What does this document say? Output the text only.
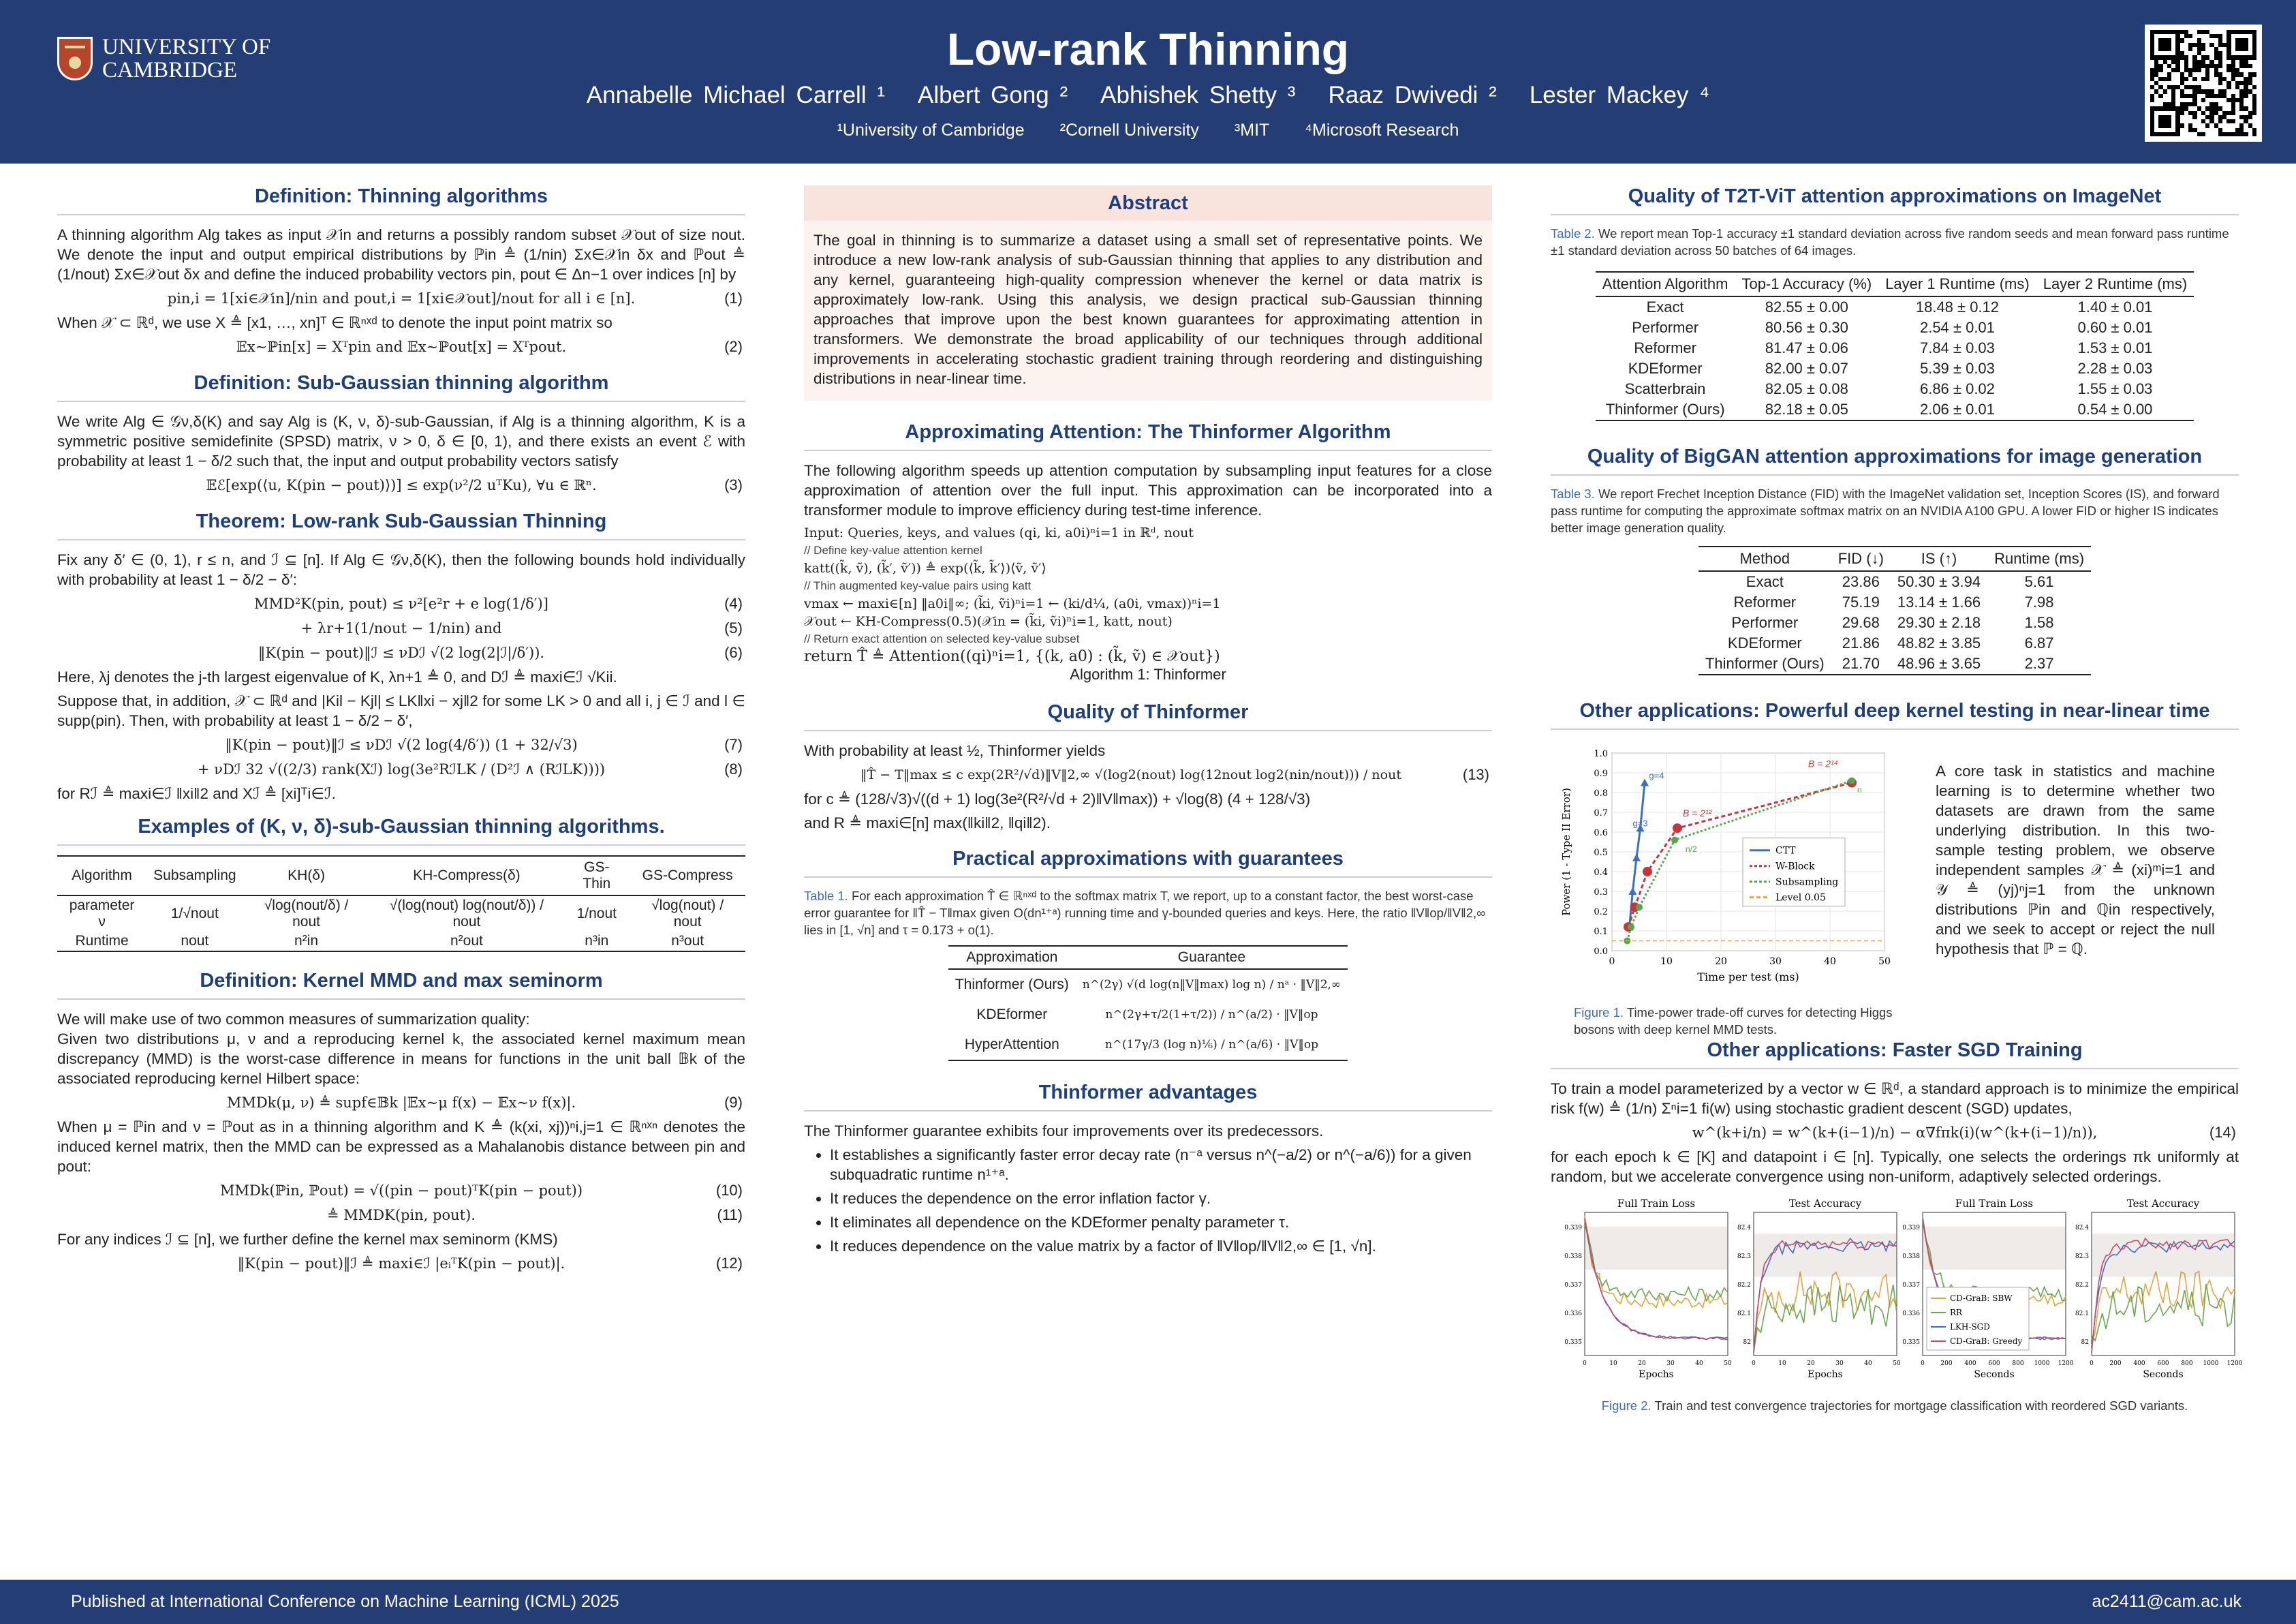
UNIVERSITY OF
CAMBRIDGE	Low-rank Thinning
Annabelle Michael Carrell ¹ Albert Gong ² Abhishek Shetty ³ Raaz Dwivedi ² Lester Mackey ⁴
¹University of Cambridge ²Cornell University ³MIT ⁴Microsoft Research
Definition: Thinning algorithms
A thinning algorithm Alg takes as input 𝒳in and returns a possibly random subset 𝒳out of size nout. We denote the input and output empirical distributions by ℙin ≜ (1/nin) Σx∈𝒳in δx and ℙout ≜ (1/nout) Σx∈𝒳out δx and define the induced probability vectors pin, pout ∈ Δn−1 over indices [n] by
pin,i = 1[xi∈𝒳in]/nin and pout,i = 1[xi∈𝒳out]/nout for all i ∈ [n].	(1)
When 𝒳 ⊂ ℝᵈ, we use X ≜ [x1, …, xn]ᵀ ∈ ℝⁿˣᵈ to denote the input point matrix so
𝔼x∼ℙin[x] = Xᵀpin and 𝔼x∼ℙout[x] = Xᵀpout.	(2)
Definition: Sub-Gaussian thinning algorithm
We write Alg ∈ 𝒢ν,δ(K) and say Alg is (K, ν, δ)-sub-Gaussian, if Alg is a thinning algorithm, K is a symmetric positive semidefinite (SPSD) matrix, ν > 0, δ ∈ [0, 1), and there exists an event ℰ with probability at least 1 − δ/2 such that, the input and output probability vectors satisfy
𝔼ℰ[exp(⟨u, K(pin − pout)⟩)] ≤ exp(ν²/2 uᵀKu), ∀u ∈ ℝⁿ.	(3)
Theorem: Low-rank Sub-Gaussian Thinning
Fix any δ′ ∈ (0, 1), r ≤ n, and ℐ ⊆ [n]. If Alg ∈ 𝒢ν,δ(K), then the following bounds hold individually with probability at least 1 − δ/2 − δ′:
MMD²K(pin, pout) ≤ ν²[e²r + e log(1/δ′)]	(4)
+ λr+1(1/nout − 1/nin) and	(5)
‖K(pin − pout)‖ℐ ≤ νDℐ √(2 log(2|ℐ|/δ′)).	(6)
Here, λj denotes the j-th largest eigenvalue of K, λn+1 ≜ 0, and Dℐ ≜ maxi∈ℐ √Kii.
Suppose that, in addition, 𝒳 ⊂ ℝᵈ and |Kil − Kjl| ≤ LK‖xi − xj‖2 for some LK > 0 and all i, j ∈ ℐ and l ∈ supp(pin). Then, with probability at least 1 − δ/2 − δ′,
‖K(pin − pout)‖ℐ ≤ νDℐ √(2 log(4/δ′)) (1 + 32/√3)	(7)
+ νDℐ 32 √((2/3) rank(Xℐ) log(3e²RℐLK / (D²ℐ ∧ (RℐLK))))	(8)
for Rℐ ≜ maxi∈ℐ ‖xi‖2 and Xℐ ≜ [xi]ᵀi∈ℐ.
Examples of (K, ν, δ)-sub-Gaussian thinning algorithms.
Algorithm	Subsampling	KH(δ)	KH-Compress(δ)	GS-Thin	GS-Compress
parameter ν	1/√nout	√log(nout/δ) / nout	√(log(nout) log(nout/δ)) / nout	1/nout	√log(nout) / nout
Runtime	nout	n²in	n²out	n³in	n³out
Definition: Kernel MMD and max seminorm
We will make use of two common measures of summarization quality:
Given two distributions μ, ν and a reproducing kernel k, the associated kernel maximum mean discrepancy (MMD) is the worst-case difference in means for functions in the unit ball 𝔹k of the associated reproducing kernel Hilbert space:
MMDk(μ, ν) ≜ supf∈𝔹k |𝔼x∼μ f(x) − 𝔼x∼ν f(x)|.	(9)
When μ = ℙin and ν = ℙout as in a thinning algorithm and K ≜ (k(xi, xj))ⁿi,j=1 ∈ ℝⁿˣⁿ denotes the induced kernel matrix, then the MMD can be expressed as a Mahalanobis distance between pin and pout:
MMDk(ℙin, ℙout) = √((pin − pout)ᵀK(pin − pout))	(10)
≜ MMDK(pin, pout).	(11)
For any indices ℐ ⊆ [n], we further define the kernel max seminorm (KMS)
‖K(pin − pout)‖ℐ ≜ maxi∈ℐ |eᵢᵀK(pin − pout)|.	(12)
Abstract
The goal in thinning is to summarize a dataset using a small set of representative points. We introduce a new low-rank analysis of sub-Gaussian thinning that applies to any distribution and any kernel, guaranteeing high-quality compression whenever the kernel or data matrix is approximately low-rank. Using this analysis, we design practical sub-Gaussian thinning approaches that improve upon the best known guarantees for approximating attention in transformers. We demonstrate the broad applicability of our techniques through additional improvements in accelerating stochastic gradient training through reordering and distinguishing distributions in near-linear time.
Approximating Attention: The Thinformer Algorithm
The following algorithm speeds up attention computation by subsampling input features for a close approximation of attention over the full input. This approximation can be incorporated into a transformer module to improve efficiency during test-time inference.
Input: Queries, keys, and values (qi, ki, a0i)ⁿi=1 in ℝᵈ, nout
// Define key-value attention kernel
katt((k̃, ṽ), (k̃′, ṽ′)) ≜ exp(⟨k̃, k̃′⟩)⟨ṽ, ṽ′⟩
// Thin augmented key-value pairs using katt
vmax ← maxi∈[n] ‖a0i‖∞; (k̃i, ṽi)ⁿi=1 ← (ki/d¼, (a0i, vmax))ⁿi=1
𝒳out ← KH-Compress(0.5)(𝒳in = (k̃i, ṽi)ⁿi=1, katt, nout)
// Return exact attention on selected key-value subset
return T̂ ≜ Attention((qi)ⁿi=1, {(k, a0) : (k̃, ṽ) ∈ 𝒳out})
Algorithm 1: Thinformer
Quality of Thinformer
With probability at least ½, Thinformer yields
‖T̂ − T‖max ≤ c exp(2R²/√d)‖V‖2,∞ √(log2(nout) log(12nout log2(nin/nout))) / nout	(13)
for c ≜ (128/√3)√((d + 1) log(3e²(R²/√d + 2)‖V‖max)) + √log(8) (4 + 128/√3)
and R ≜ maxi∈[n] max(‖ki‖2, ‖qi‖2).
Practical approximations with guarantees
Table 1. For each approximation T̂ ∈ ℝⁿˣᵈ to the softmax matrix T, we report, up to a constant factor, the best worst-case error guarantee for ‖T̂ − T‖max given O(dn¹⁺ᵃ) running time and γ-bounded queries and keys. Here, the ratio ‖V‖op/‖V‖2,∞ lies in [1, √n] and τ = 0.173 + o(1).
Approximation	Guarantee
Thinformer (Ours)	n^(2γ) √(d log(n‖V‖max) log n) / nᵃ · ‖V‖2,∞
KDEformer	n^(2γ+τ/2(1+τ/2)) / n^(a/2) · ‖V‖op
HyperAttention	n^(17γ/3 (log n)⅙) / n^(a/6) · ‖V‖op
Thinformer advantages
The Thinformer guarantee exhibits four improvements over its predecessors.
• It establishes a significantly faster error decay rate (n⁻ᵃ versus n^(−a/2) or n^(−a/6)) for a given subquadratic runtime n¹⁺ᵃ.
• It reduces the dependence on the error inflation factor γ.
• It eliminates all dependence on the KDEformer penalty parameter τ.
• It reduces dependence on the value matrix by a factor of ‖V‖op/‖V‖2,∞ ∈ [1, √n].
Quality of T2T-ViT attention approximations on ImageNet
Table 2. We report mean Top-1 accuracy ±1 standard deviation across five random seeds and mean forward pass runtime ±1 standard deviation across 50 batches of 64 images.
Attention Algorithm	Top-1 Accuracy (%)	Layer 1 Runtime (ms)	Layer 2 Runtime (ms)
Exact	82.55 ± 0.00	18.48 ± 0.12	1.40 ± 0.01
Performer	80.56 ± 0.30	2.54 ± 0.01	0.60 ± 0.01
Reformer	81.47 ± 0.06	7.84 ± 0.03	1.53 ± 0.01
KDEformer	82.00 ± 0.07	5.39 ± 0.03	2.28 ± 0.03
Scatterbrain	82.05 ± 0.08	6.86 ± 0.02	1.55 ± 0.03
Thinformer (Ours)	82.18 ± 0.05	2.06 ± 0.01	0.54 ± 0.00
Quality of BigGAN attention approximations for image generation
Table 3. We report Frechet Inception Distance (FID) with the ImageNet validation set, Inception Scores (IS), and forward pass runtime for computing the approximate softmax matrix on an NVIDIA A100 GPU. A lower FID or higher IS indicates better image generation quality.
Method	FID (↓)	IS (↑)	Runtime (ms)
Exact	23.86	50.30 ± 3.94	5.61
Reformer	75.19	13.14 ± 1.66	7.98
Performer	29.68	29.30 ± 2.18	1.58
KDEformer	21.86	48.82 ± 3.85	6.87
Thinformer (Ours)	21.70	48.96 ± 3.65	2.37
Other applications: Powerful deep kernel testing in near-linear time
0	10	20	30	40	50
0.0
0.1
0.2
0.3
0.4
0.5
0.6
0.7
0.8
0.9
1.0
Time per test (ms)
Power (1 - Type II Error)
g=4
g=3
B = 2¹⁴
B = 2¹²
n
n/2	CTT
W-Block
Subsampling
Level 0.05
Figure 1. Time-power trade-off curves for detecting Higgs bosons with deep kernel MMD tests.
A core task in statistics and machine learning is to determine whether two datasets are drawn from the same underlying distribution. In this two-sample testing problem, we observe independent samples 𝒳 ≜ (xi)ᵐi=1 and 𝒴 ≜ (yj)ⁿj=1 from the unknown distributions ℙin and ℚin respectively, and we seek to accept or reject the null hypothesis that ℙ = ℚ.
Other applications: Faster SGD Training
To train a model parameterized by a vector w ∈ ℝᵈ, a standard approach is to minimize the empirical risk f(w) ≜ (1/n) Σⁿi=1 fi(w) using stochastic gradient descent (SGD) updates,
w^(k+i/n) = w^(k+(i−1)/n) − α∇fπk(i)(w^(k+(i−1)/n)),	(14)
for each epoch k ∈ [K] and datapoint i ∈ [n]. Typically, one selects the orderings πk uniformly at random, but we accelerate convergence using non-uniform, adaptively selected orderings.
Full Train Loss
0.335
0.336
0.337
0.338
0.339
0	10	20	30	40	50
Epochs
Test Accuracy
82
82.1
82.2
82.3
82.4
0	10	20	30	40	50
Epochs
Full Train Loss
0.335
0.336
0.337
0.338
0.339
0	200 400 600 800 1000 1200
Seconds
CD-GraB: SBW
RR
LKH-SGD
CD-GraB: Greedy
Test Accuracy
82
82.1
82.2
82.3
82.4
0	200 400 600 800 1000 1200
Seconds
Figure 2. Train and test convergence trajectories for mortgage classification with reordered SGD variants.
Published at International Conference on Machine Learning (ICML) 2025	ac2411@cam.ac.uk
